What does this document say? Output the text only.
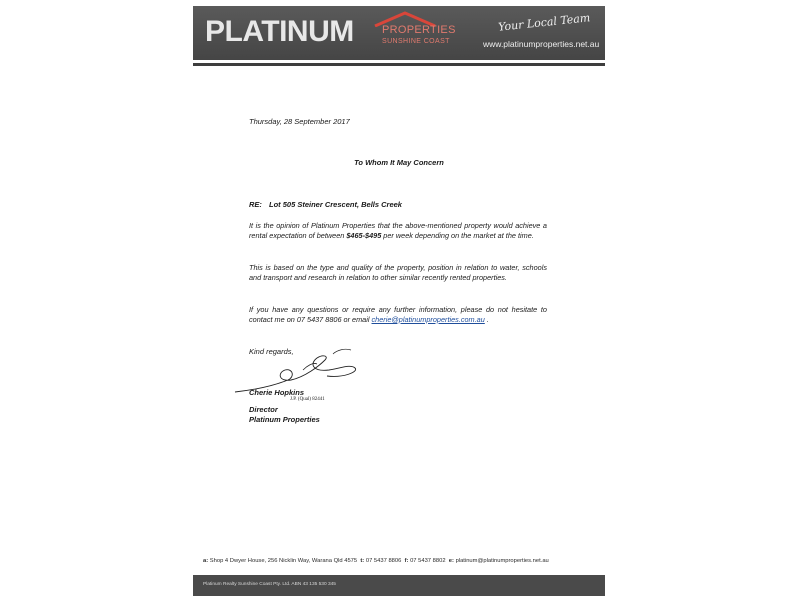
PLATINUM	PROPERTIES
SUNSHINE COAST
Your Local Team
www.platinumproperties.net.au
Thursday, 28 September 2017
To Whom It May Concern
RE: Lot 505 Steiner Crescent, Bells Creek
It is the opinion of Platinum Properties that the above-mentioned property would achieve a rental expectation of between $465-$495 per week depending on the market at the time.
This is based on the type and quality of the property, position in relation to water, schools and transport and research in relation to other similar recently rented properties.
If you have any questions or require any further information, please do not hesitate to contact me on 07 5437 8806 or email cherie@platinumproperties.com.au .
Kind regards,
Cherie Hopkins
J.P. (Qual) 82441
Director
Platinum Properties
a: Shop 4 Dwyer House, 256 Nicklin Way, Warana Qld 4575 t: 07 5437 8806 f: 07 5437 8802 e: platinum@platinumproperties.net.au
Platinum Realty Sunshine Coast Pty. Ltd. ABN 43 135 530 345
